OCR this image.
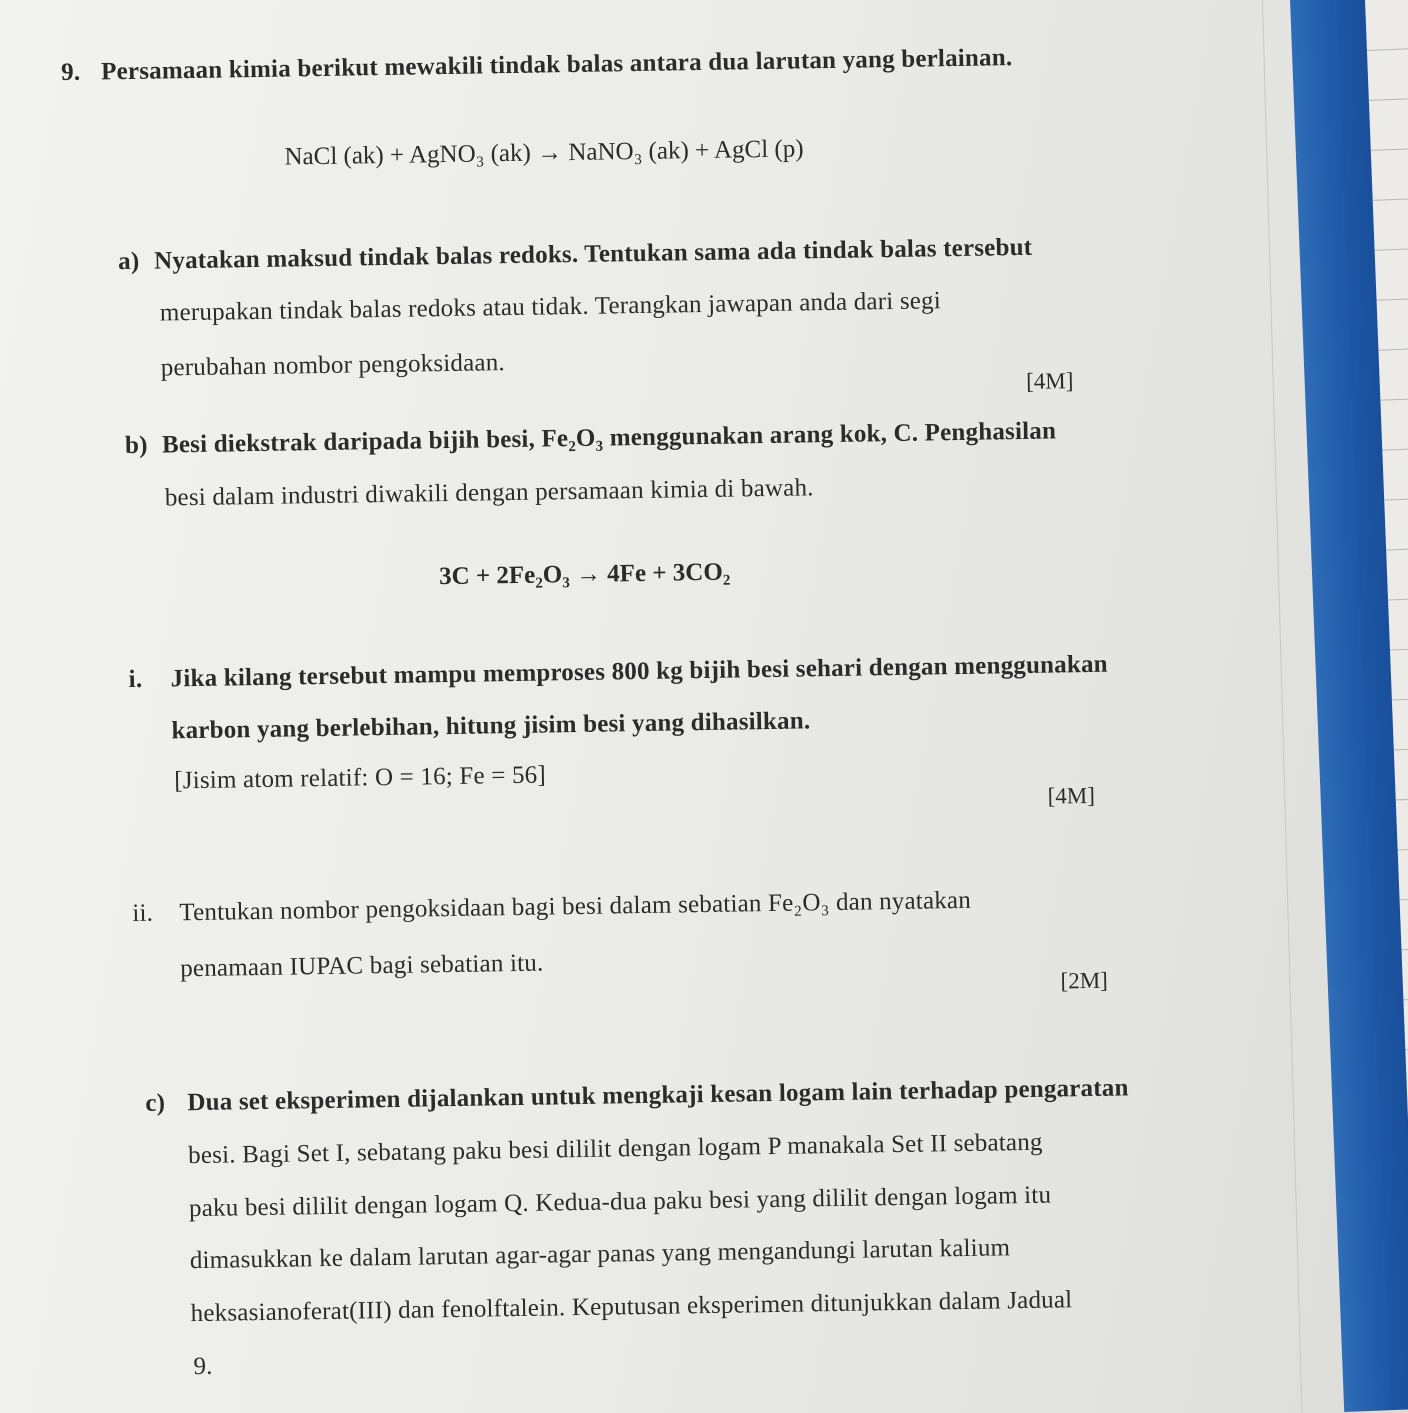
9. Persamaan kimia berikut mewakili tindak balas antara dua larutan yang berlainan.
NaCl (ak) + AgNO₃ (ak) → NaNO₃ (ak) + AgCl (p)
a) Nyatakan maksud tindak balas redoks. Tentukan sama ada tindak balas tersebut
merupakan tindak balas redoks atau tidak. Terangkan jawapan anda dari segi
perubahan nombor pengoksidaan.	[4M]
b) Besi diekstrak daripada bijih besi, Fe₂O₃ menggunakan arang kok, C. Penghasilan
besi dalam industri diwakili dengan persamaan kimia di bawah.
3C + 2Fe₂O₃ → 4Fe + 3CO₂
i. Jika kilang tersebut mampu memproses 800 kg bijih besi sehari dengan menggunakan
karbon yang berlebihan, hitung jisim besi yang dihasilkan.
[Jisim atom relatif: O = 16; Fe = 56]
[4M]
ii. Tentukan nombor pengoksidaan bagi besi dalam sebatian Fe₂O₃ dan nyatakan
penamaan IUPAC bagi sebatian itu.	[2M]
c) Dua set eksperimen dijalankan untuk mengkaji kesan logam lain terhadap pengaratan
besi. Bagi Set I, sebatang paku besi dililit dengan logam P manakala Set II sebatang
paku besi dililit dengan logam Q. Kedua-dua paku besi yang dililit dengan logam itu
dimasukkan ke dalam larutan agar-agar panas yang mengandungi larutan kalium
heksasianoferat(III) dan fenolftalein. Keputusan eksperimen ditunjukkan dalam Jadual
9.
